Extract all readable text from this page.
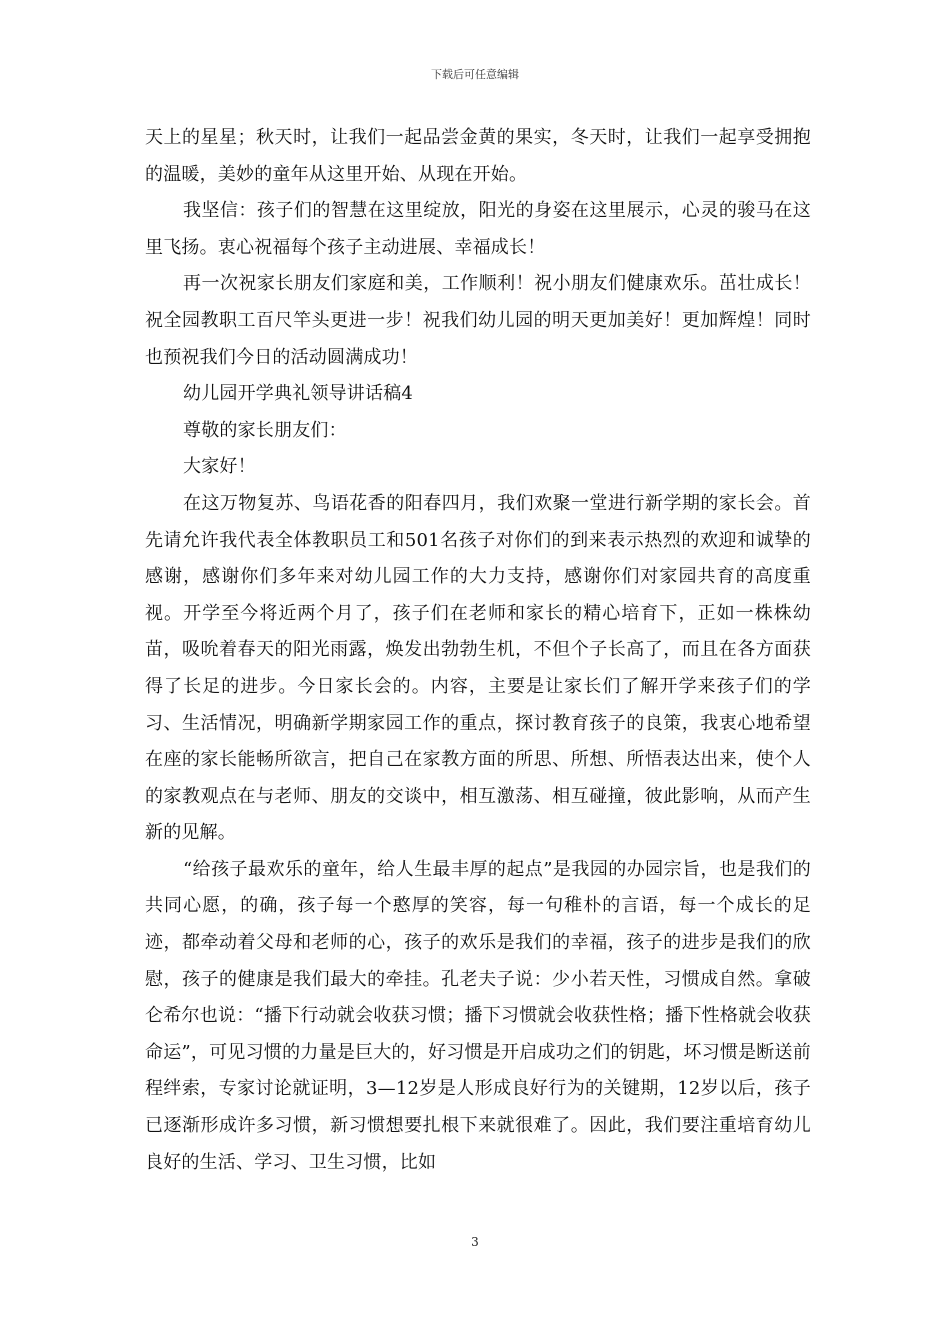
下载后可任意编辑

天上的星星；秋天时，让我们一起品尝金黄的果实，冬天时，让我们一起享受拥抱的温暖，美妙的童年从这里开始、从现在开始。

我坚信：孩子们的智慧在这里绽放，阳光的身姿在这里展示，心灵的骏马在这里飞扬。衷心祝福每个孩子主动进展、幸福成长！

再一次祝家长朋友们家庭和美，工作顺利！祝小朋友们健康欢乐。茁壮成长！祝全园教职工百尺竿头更进一步！祝我们幼儿园的明天更加美好！更加辉煌！同时也预祝我们今日的活动圆满成功！

幼儿园开学典礼领导讲话稿4

尊敬的家长朋友们：

大家好！

在这万物复苏、鸟语花香的阳春四月，我们欢聚一堂进行新学期的家长会。首先请允许我代表全体教职员工和501名孩子对你们的到来表示热烈的欢迎和诚挚的感谢，感谢你们多年来对幼儿园工作的大力支持，感谢你们对家园共育的高度重视。开学至今将近两个月了，孩子们在老师和家长的精心培育下，正如一株株幼苗，吸吮着春天的阳光雨露，焕发出勃勃生机，不但个子长高了，而且在各方面获得了长足的进步。今日家长会的。内容，主要是让家长们了解开学来孩子们的学习、生活情况，明确新学期家园工作的重点，探讨教育孩子的良策，我衷心地希望在座的家长能畅所欲言，把自己在家教方面的所思、所想、所悟表达出来，使个人的家教观点在与老师、朋友的交谈中，相互激荡、相互碰撞，彼此影响，从而产生新的见解。

“给孩子最欢乐的童年，给人生最丰厚的起点”是我园的办园宗旨，也是我们的共同心愿，的确，孩子每一个憨厚的笑容，每一句稚朴的言语，每一个成长的足迹，都牵动着父母和老师的心，孩子的欢乐是我们的幸福，孩子的进步是我们的欣慰，孩子的健康是我们最大的牵挂。孔老夫子说：少小若天性，习惯成自然。拿破仑希尔也说：“播下行动就会收获习惯；播下习惯就会收获性格；播下性格就会收获命运”，可见习惯的力量是巨大的，好习惯是开启成功之们的钥匙，坏习惯是断送前程绊索，专家讨论就证明，3—12岁是人形成良好行为的关键期，12岁以后，孩子已逐渐形成许多习惯，新习惯想要扎根下来就很难了。因此，我们要注重培育幼儿良好的生活、学习、卫生习惯，比如

3
